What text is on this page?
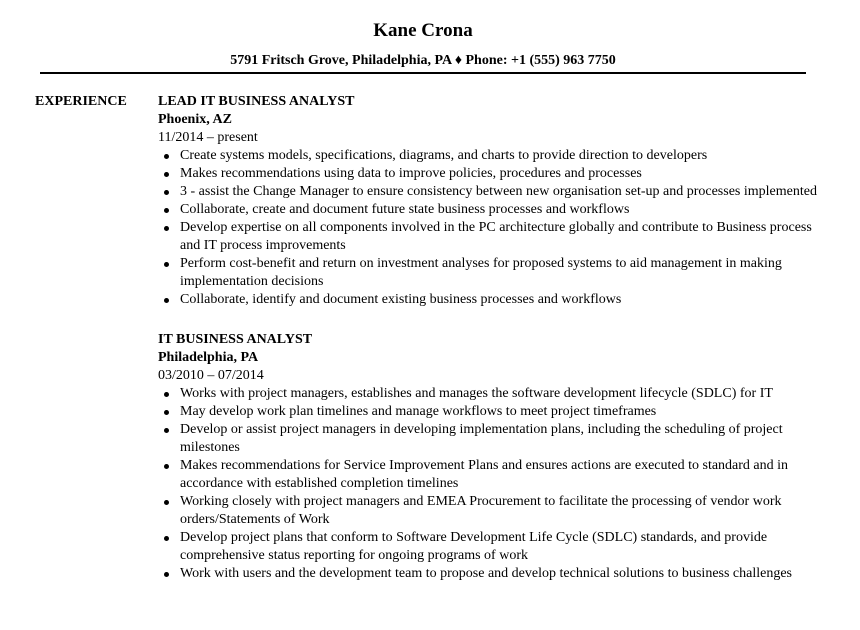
Kane Crona
5791 Fritsch Grove, Philadelphia, PA ♦ Phone: +1 (555) 963 7750
EXPERIENCE LEAD IT BUSINESS ANALYST
Phoenix, AZ
11/2014 – present
Create systems models, specifications, diagrams, and charts to provide direction to developers
Makes recommendations using data to improve policies, procedures and processes
3 - assist the Change Manager to ensure consistency between new organisation set-up and processes implemented
Collaborate, create and document future state business processes and workflows
Develop expertise on all components involved in the PC architecture globally and contribute to Business process and IT process improvements
Perform cost-benefit and return on investment analyses for proposed systems to aid management in making implementation decisions
Collaborate, identify and document existing business processes and workflows
IT BUSINESS ANALYST
Philadelphia, PA
03/2010 – 07/2014
Works with project managers, establishes and manages the software development lifecycle (SDLC) for IT
May develop work plan timelines and manage workflows to meet project timeframes
Develop or assist project managers in developing implementation plans, including the scheduling of project milestones
Makes recommendations for Service Improvement Plans and ensures actions are executed to standard and in accordance with established completion timelines
Working closely with project managers and EMEA Procurement to facilitate the processing of vendor work orders/Statements of Work
Develop project plans that conform to Software Development Life Cycle (SDLC) standards, and provide comprehensive status reporting for ongoing programs of work
Work with users and the development team to propose and develop technical solutions to business challenges
